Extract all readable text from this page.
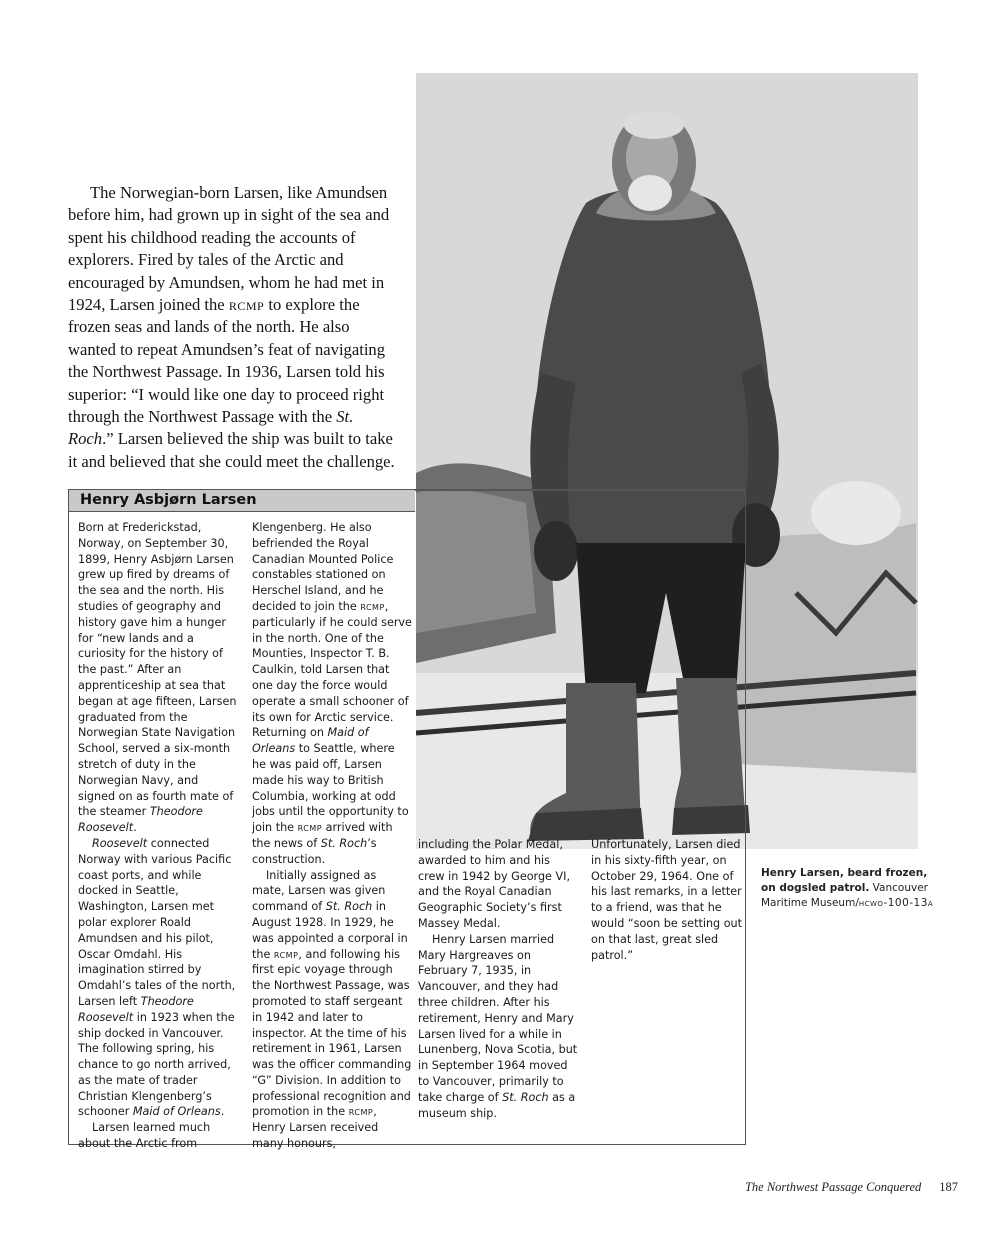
The Norwegian-born Larsen, like Amundsen before him, had grown up in sight of the sea and spent his childhood reading the accounts of explorers. Fired by tales of the Arctic and encouraged by Amundsen, whom he had met in 1924, Larsen joined the rcmp to explore the frozen seas and lands of the north. He also wanted to repeat Amundsen’s feat of navigating the Northwest Passage. In 1936, Larsen told his superior: “I would like one day to proceed right through the Northwest Passage with the St. Roch.” Larsen believed the ship was built to take it and believed that she could meet the challenge.

Henry Larsen, beard frozen, on dogsled patrol. Vancouver Maritime Museum/hcwo-100-13a
Henry Asbjørn Larsen

Born at Frederickstad, Norway, on September 30, 1899, Henry Asbjørn Larsen grew up fired by dreams of the sea and the north. His studies of geography and history gave him a hunger for “new lands and a curiosity for the history of the past.” After an apprenticeship at sea that began at age fifteen, Larsen graduated from the Norwegian State Navigation School, served a six-month stretch of duty in the Norwegian Navy, and signed on as fourth mate of the steamer Theodore Roosevelt.

Roosevelt connected Norway with various Pacific coast ports, and while docked in Seattle, Washington, Larsen met polar explorer Roald Amundsen and his pilot, Oscar Omdahl. His imagination stirred by Omdahl’s tales of the north, Larsen left Theodore Roosevelt in 1923 when the ship docked in Vancouver. The following spring, his chance to go north arrived, as the mate of trader Christian Klengenberg’s schooner Maid of Orleans.

Larsen learned much about the Arctic from

Klengenberg. He also befriended the Royal Canadian Mounted Police constables stationed on Herschel Island, and he decided to join the rcmp, particularly if he could serve in the north. One of the Mounties, Inspector T. B. Caulkin, told Larsen that one day the force would operate a small schooner of its own for Arctic service. Returning on Maid of Orleans to Seattle, where he was paid off, Larsen made his way to British Columbia, working at odd jobs until the opportunity to join the rcmp arrived with the news of St. Roch’s construction.

Initially assigned as mate, Larsen was given command of St. Roch in August 1928. In 1929, he was appointed a corporal in the rcmp, and following his first epic voyage through the Northwest Passage, was promoted to staff sergeant in 1942 and later to inspector. At the time of his retirement in 1961, Larsen was the officer commanding “G” Division. In addition to professional recognition and promotion in the rcmp, Henry Larsen received many honours,

including the Polar Medal, awarded to him and his crew in 1942 by George VI, and the Royal Canadian Geographic Society’s first Massey Medal.

Henry Larsen married Mary Hargreaves on February 7, 1935, in Vancouver, and they had three children. After his retirement, Henry and Mary Larsen lived for a while in Lunenberg, Nova Scotia, but in September 1964 moved to Vancouver, primarily to take charge of St. Roch as a museum ship.

Unfortunately, Larsen died in his sixty-fifth year, on October 29, 1964. One of his last remarks, in a letter to a friend, was that he would “soon be setting out on that last, great sled patrol.”

The Northwest Passage Conquered 187
